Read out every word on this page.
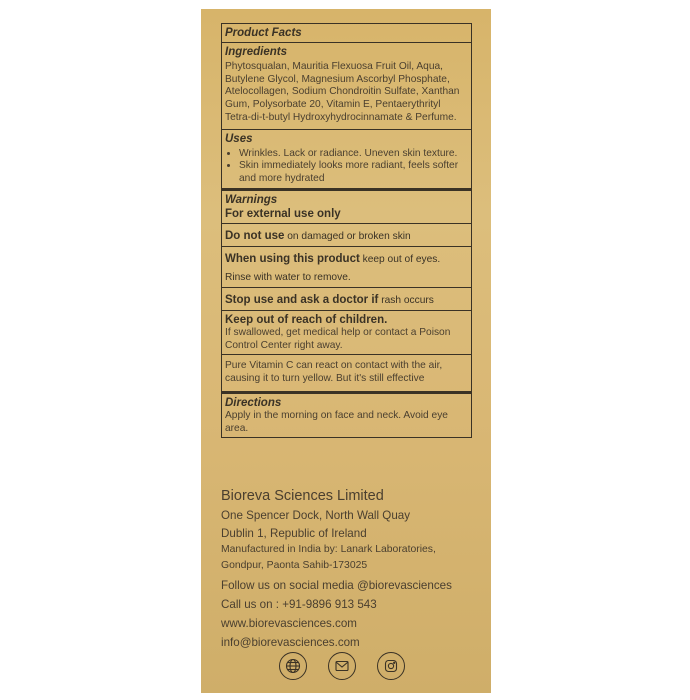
Product Facts
Ingredients
Phytosqualan, Mauritia Flexuosa Fruit Oil, Aqua, Butylene Glycol, Magnesium Ascorbyl Phosphate, Atelocollagen, Sodium Chondroitin Sulfate, Xanthan Gum, Polysorbate 20, Vitamin E, Pentaerythrityl Tetra-di-t-butyl Hydroxyhydrocinnamate & Perfume.
Uses
• Wrinkles. Lack or radiance. Uneven skin texture.
• Skin immediately looks more radiant, feels softer and more hydrated
Warnings
For external use only
Do not use on damaged or broken skin
When using this product keep out of eyes. Rinse with water to remove.
Stop use and ask a doctor if rash occurs
Keep out of reach of children.
If swallowed, get medical help or contact a Poison Control Center right away.
Pure Vitamin C can react on contact with the air, causing it to turn yellow. But it's still effective
Directions
Apply in the morning on face and neck. Avoid eye area.
Bioreva Sciences Limited
One Spencer Dock, North Wall Quay
Dublin 1, Republic of Ireland
Manufactured in India by: Lanark Laboratories, Gondpur, Paonta Sahib-173025
Follow us on social media @biorevasciences
Call us on : +91-9896 913 543
www.biorevasciences.com
info@biorevasciences.com
